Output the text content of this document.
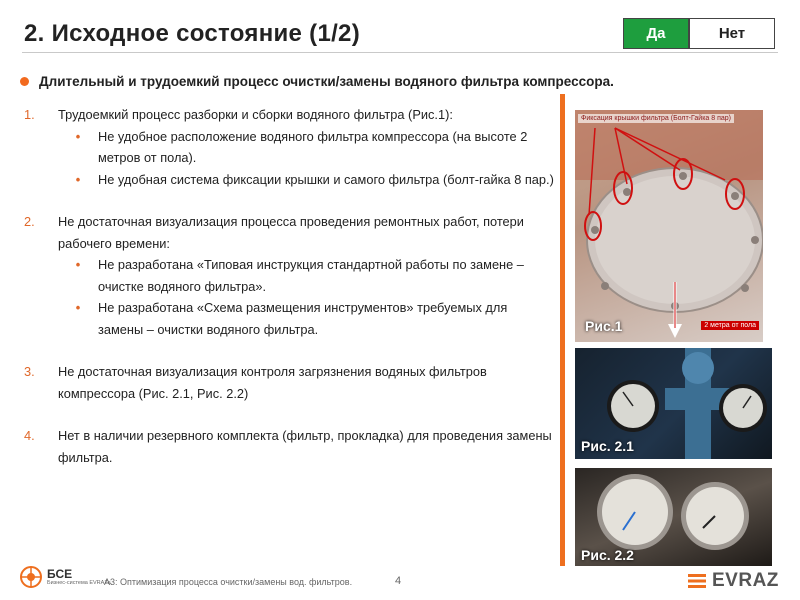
2. Исходное состояние (1/2)	Да	Нет
Длительный и трудоемкий процесс очистки/замены водяного фильтра компрессора.
1.	Трудоемкий процесс разборки и сборки водяного фильтра (Рис.1):
•	Не удобное расположение водяного фильтра компрессора (на высоте 2 метров от пола).
•	Не удобная система фиксации крышки и самого фильтра (болт-гайка 8 пар.)
2.	Не достаточная визуализация процесса проведения ремонтных работ, потери рабочего времени:
•	Не разработана «Типовая инструкция стандартной работы по замене – очистке водяного фильтра».
•	Не разработана «Схема размещения инструментов» требуемых для замены – очистки водяного фильтра.
3.	Не достаточная визуализация контроля загрязнения водяных фильтров компрессора (Рис. 2.1, Рис. 2.2)
4.	Нет в наличии резервного комплекта (фильтр, прокладка) для проведения замены фильтра.
Фиксация крышки фильтра (Болт-Гайка 8 пар)
2 метра от пола
Рис.1
Рис. 2.1
Рис. 2.2
БСЕ
Бизнес-система EVRAZа
A3: Оптимизация процесса очистки/замены вод. фильтров.	4	EVRAZ
